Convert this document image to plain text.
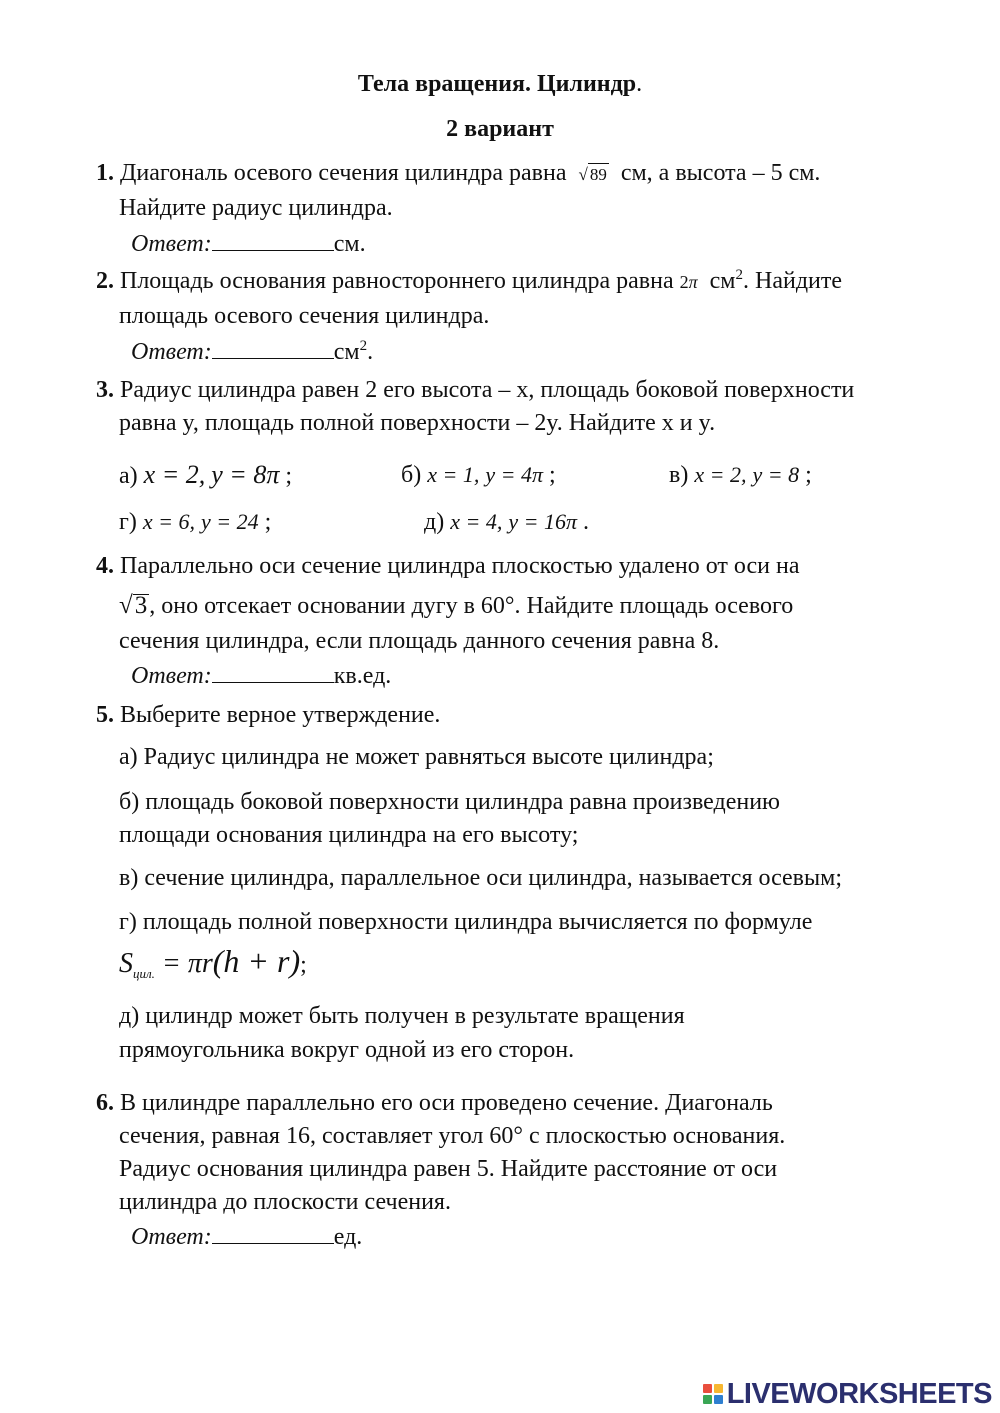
Тела вращения. Цилиндр.
2 вариант
1. Диагональ осевого сечения цилиндра равна √ 89 см, а высота – 5 см.
Найдите радиус цилиндра.
Ответ:	см.
2. Площадь основания равностороннего цилиндра равна 2π $см^2$. Найдите
площадь осевого сечения цилиндра.
Ответ:	$см^2$.
3. Радиус цилиндра равен 2 его высота – x, площадь боковой поверхности
равна y, площадь полной поверхности – 2y. Найдите x и y.
а) x = 2, y = 8π ;	б) x = 1, y = 4π ;	в) x = 2, y = 8 ;
г) x = 6, y = 24 ;	д) x = 4, y = 16π .
4. Параллельно оси сечение цилиндра плоскостью удалено от оси на
√3, оно отсекает основании дугу в 60°. Найдите площадь осевого
сечения цилиндра, если площадь данного сечения равна 8.
Ответ:	кв.ед.
5. Выберите верное утверждение.
а) Радиус цилиндра не может равняться высоте цилиндра;
б) площадь боковой поверхности цилиндра равна произведению
площади основания цилиндра на его высоту;
в) сечение цилиндра, параллельное оси цилиндра, называется осевым;
г) площадь полной поверхности цилиндра вычисляется по формуле
$S_{цил.} = \pi r(h + r)$;
д) цилиндр может быть получен в результате вращения
прямоугольника вокруг одной из его сторон.
6. В цилиндре параллельно его оси проведено сечение. Диагональ
сечения, равная 16, составляет угол 60° с плоскостью основания.
Радиус основания цилиндра равен 5. Найдите расстояние от оси
цилиндра до плоскости сечения.
Ответ:	ед.
LIVEWORKSHEETS
